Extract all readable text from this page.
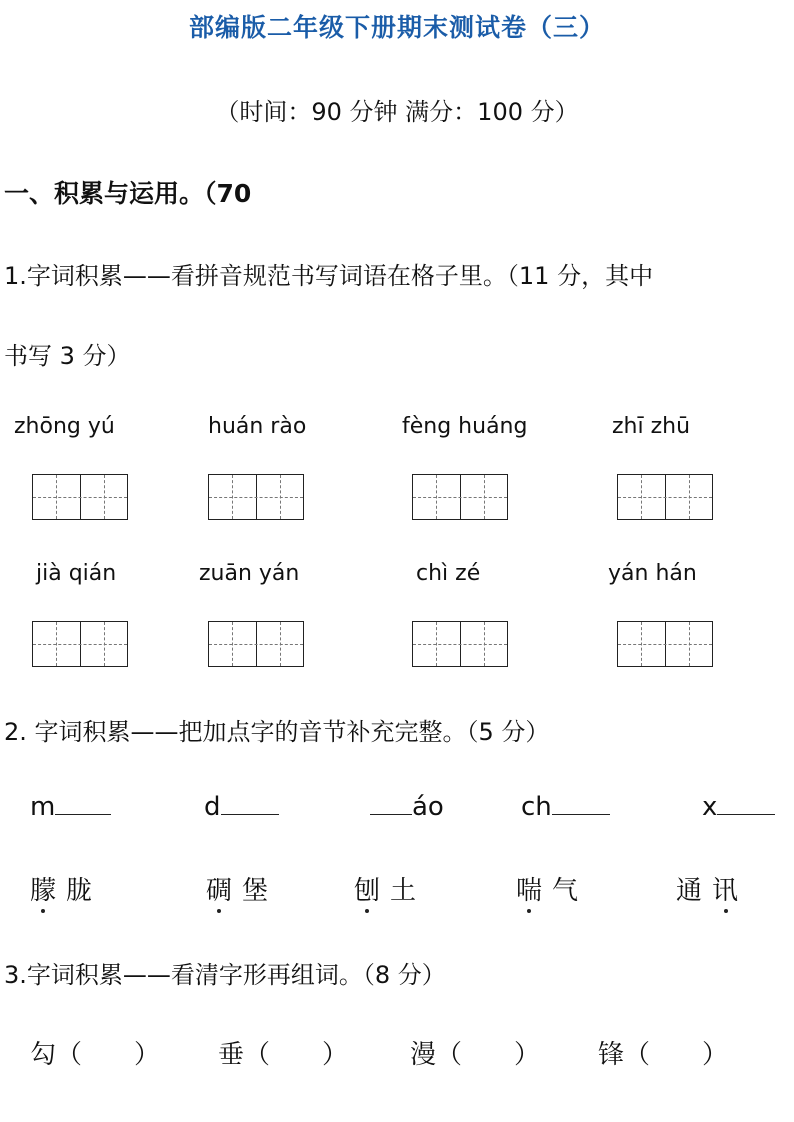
部编版二年级下册期末测试卷（三）
（时间：90 分钟 满分：100 分）
一、积累与运用。（70
1.字词积累——看拼音规范书写词语在格子里。（11 分，其中
书写 3 分）
zhōng yú	huán rào	fèng huáng	zhī zhū
jià qián	zuān yán	chì zé	yán hán
2. 字词积累——把加点字的音节补充完整。（5 分）
m	d	áo	ch	x
朦胧	碉堡	刨土	喘气	通讯
3.字词积累——看清字形再组词。（8 分）
勾（ ） 垂（ ） 漫（ ） 锋（ ）
